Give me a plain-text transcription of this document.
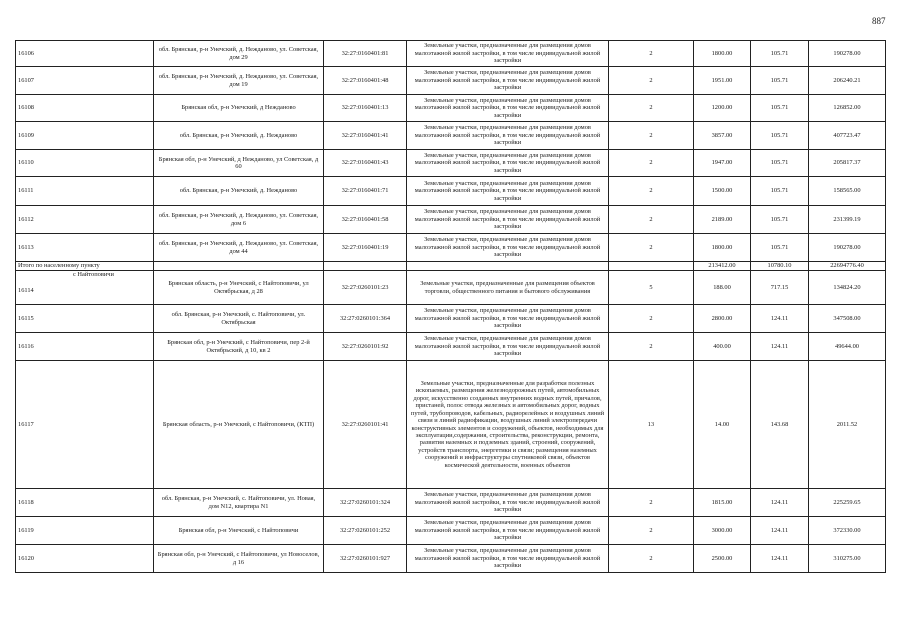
887
16106	обл. Брянская, р-н Унечский, д. Нежданово, ул. Советская, дом 29	32:27:0160401:81	Земельные участки, предназначенные для размещения домов малоэтажной жилой застройки, в том числе индивидуальной жилой застройки	2	1800.00	105.71	190278.00
16107	обл. Брянская, р-н Унечский, д. Нежданово, ул. Советская, дом 19	32:27:0160401:48	Земельные участки, предназначенные для размещения домов малоэтажной жилой застройки, в том числе индивидуальной жилой застройки	2	1951.00	105.71	206240.21
16108	Брянская обл, р-н Унечский, д Нежданово	32:27:0160401:13	Земельные участки, предназначенные для размещения домов малоэтажной жилой застройки, в том числе индивидуальной жилой застройки	2	1200.00	105.71	126852.00
16109	обл. Брянская, р-н Унечский, д. Нежданово	32:27:0160401:41	Земельные участки, предназначенные для размещения домов малоэтажной жилой застройки, в том числе индивидуальной жилой застройки	2	3857.00	105.71	407723.47
16110	Брянская обл, р-н Унечский, д Нежданово, ул Советская, д 60	32:27:0160401:43	Земельные участки, предназначенные для размещения домов малоэтажной жилой застройки, в том числе индивидуальной жилой застройки	2	1947.00	105.71	205817.37
16111	обл. Брянская, р-н Унечский, д. Нежданово	32:27:0160401:71	Земельные участки, предназначенные для размещения домов малоэтажной жилой застройки, в том числе индивидуальной жилой застройки	2	1500.00	105.71	158565.00
16112	обл. Брянская, р-н Унечский, д. Нежданово, ул. Советская, дом 6	32:27:0160401:58	Земельные участки, предназначенные для размещения домов малоэтажной жилой застройки, в том числе индивидуальной жилой застройки	2	2189.00	105.71	231399.19
16113	обл. Брянская, р-н Унечский, д. Нежданово, ул. Советская, дом 44	32:27:0160401:19	Земельные участки, предназначенные для размещения домов малоэтажной жилой застройки, в том числе индивидуальной жилой застройки	2	1800.00	105.71	190278.00
Итого по населенному пункту					213412.00	10780.10	22694776.40

с Найтоповичи
16114	Брянская область, р-н Унечский, с Найтоповичи, ул Октябрьская, д 28	32:27:0260101:23	Земельные участки, предназначенные для размещения объектов торговли, общественного питания и бытового обслуживания	5	188.00	717.15	134824.20
16115	обл. Брянская, р-н Унечский, с. Найтоповичи, ул. Октябрьская	32:27:0260101:364	Земельные участки, предназначенные для размещения домов малоэтажной жилой застройки, в том числе индивидуальной жилой застройки	2	2800.00	124.11	347508.00
16116	Брянская обл, р-н Унечский, с Найтоповичи, пер 2-й Октябрьский, д 10, кв 2	32:27:0260101:92	Земельные участки, предназначенные для размещения домов малоэтажной жилой застройки, в том числе индивидуальной жилой застройки	2	400.00	124.11	49644.00
16117	Брянская область, р-н Унечский, с Найтоповичи, (КТП)	32:27:0260101:41	Земельные участки, предназначенные для разработки полезных ископаемых, размещения железнодорожных путей, автомобильных дорог, искусственно созданных внутренних водных путей, причалов, пристаней, полос отвода железных и автомобильных дорог, водных путей, трубопроводов, кабельных, радиорелейных и воздушных линий связи и линий радиофикации, воздушных линий электропередачи конструктивных элементов и сооружений, объектов, необходимых для эксплуатации,содержания, строительства, реконструкции, ремонта, развития наземных и подземных зданий, строений, сооружений, устройств транспорта, энергетики и связи; размещения наземных сооружений и инфраструктуры спутниковой связи, объектов космической деятельности, военных объектов	13	14.00	143.68	2011.52
16118	обл. Брянская, р-н Унечский, с. Найтоповичи, ул. Новая, дом N12, квартира N1	32:27:0260101:324	Земельные участки, предназначенные для размещения домов малоэтажной жилой застройки, в том числе индивидуальной жилой застройки	2	1815.00	124.11	225259.65
16119	Брянская обл, р-н Унечский, с Найтоповичи	32:27:0260101:252	Земельные участки, предназначенные для размещения домов малоэтажной жилой застройки, в том числе индивидуальной жилой застройки	2	3000.00	124.11	372330.00
16120	Брянская обл, р-н Унечский, с Найтоповичи, ул Новоселов, д 16	32:27:0260101:927	Земельные участки, предназначенные для размещения домов малоэтажной жилой застройки, в том числе индивидуальной жилой застройки	2	2500.00	124.11	310275.00
